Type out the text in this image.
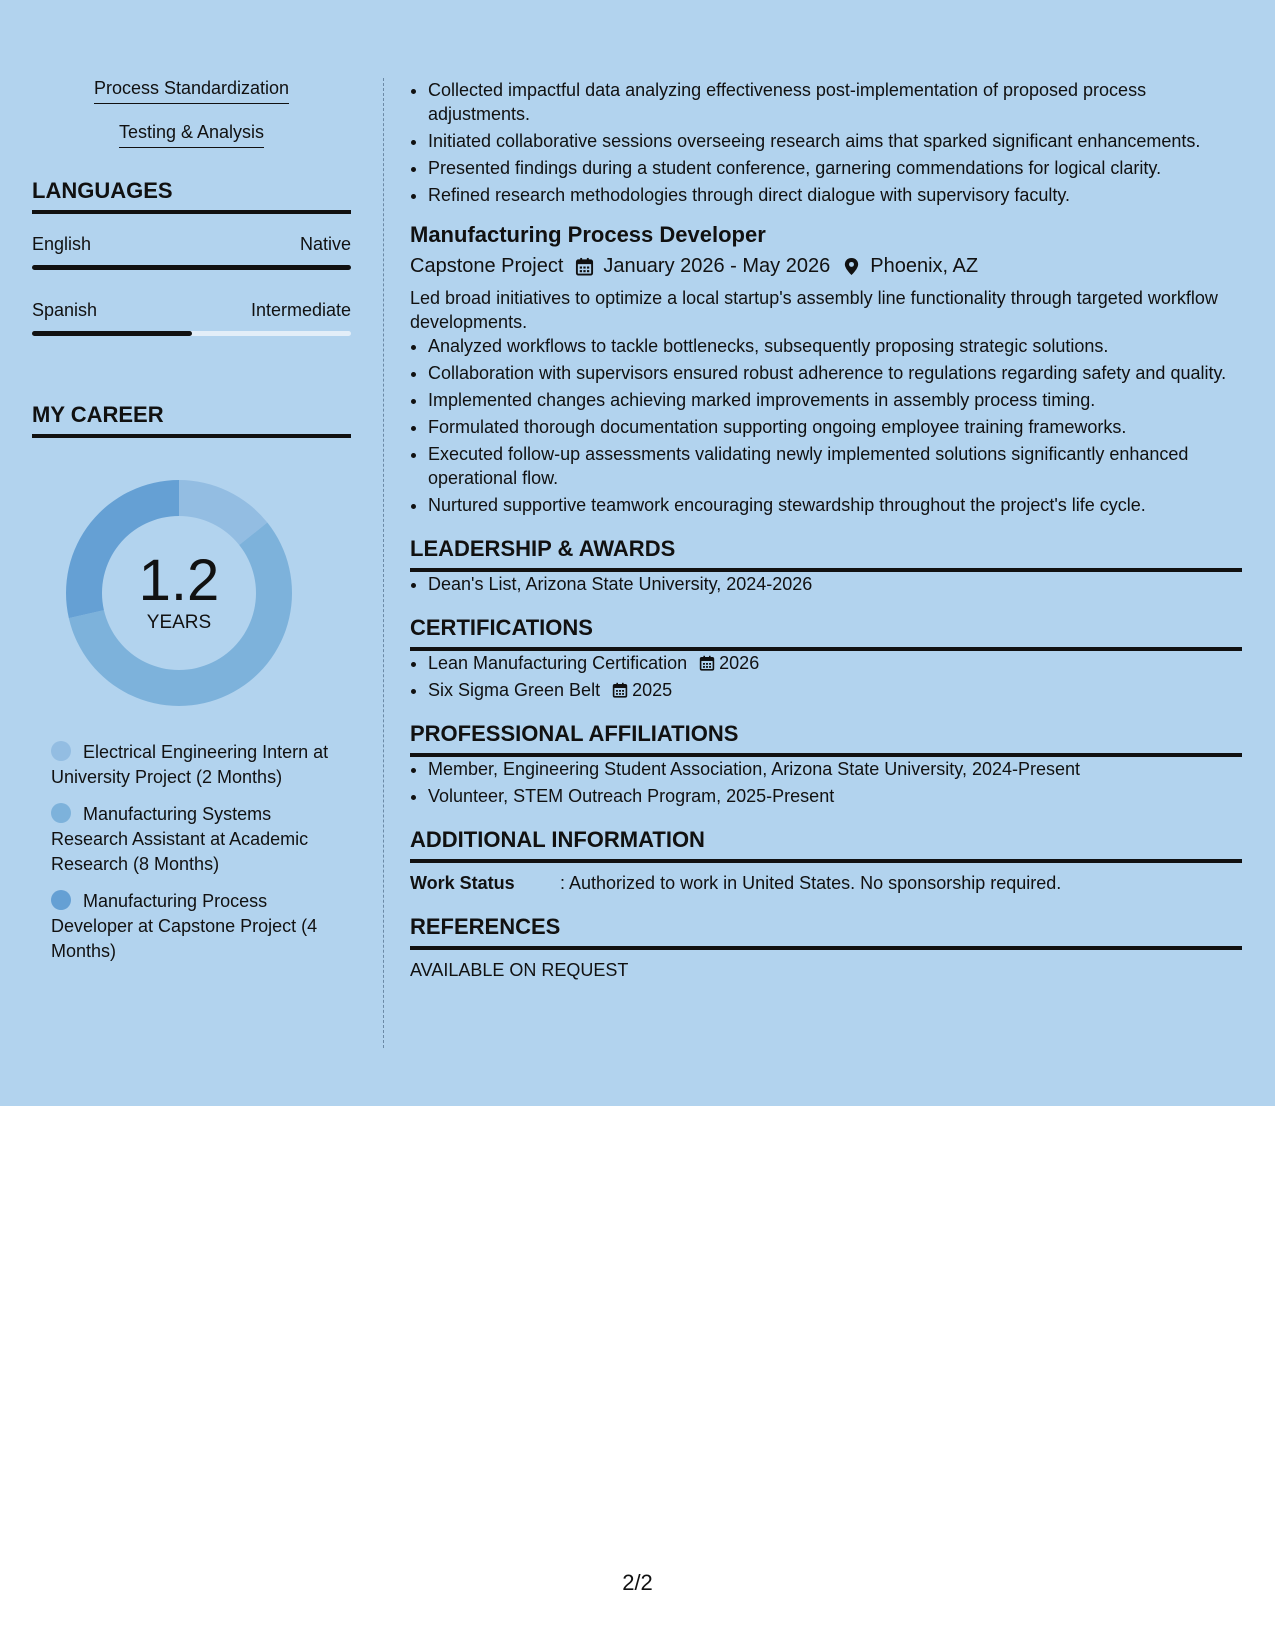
Process Standardization
Testing & Analysis
LANGUAGES
English	Native
Spanish	Intermediate
MY CAREER
1.2
YEARS
Electrical Engineering Intern at University Project (2 Months)
Manufacturing Systems Research Assistant at Academic Research (8 Months)
Manufacturing Process Developer at Capstone Project (4 Months)
• Collected impactful data analyzing effectiveness post-implementation of proposed process adjustments.
• Initiated collaborative sessions overseeing research aims that sparked significant enhancements.
• Presented findings during a student conference, garnering commendations for logical clarity.
• Refined research methodologies through direct dialogue with supervisory faculty.
Manufacturing Process Developer
Capstone Project January 2026 - May 2026 Phoenix, AZ
Led broad initiatives to optimize a local startup's assembly line functionality through targeted workflow developments.
• Analyzed workflows to tackle bottlenecks, subsequently proposing strategic solutions.
• Collaboration with supervisors ensured robust adherence to regulations regarding safety and quality.
• Implemented changes achieving marked improvements in assembly process timing.
• Formulated thorough documentation supporting ongoing employee training frameworks.
• Executed follow-up assessments validating newly implemented solutions significantly enhanced operational flow.
• Nurtured supportive teamwork encouraging stewardship throughout the project's life cycle.
LEADERSHIP & AWARDS
• Dean's List, Arizona State University, 2024-2026
CERTIFICATIONS
• Lean Manufacturing Certification 2026
• Six Sigma Green Belt 2025
PROFESSIONAL AFFILIATIONS
• Member, Engineering Student Association, Arizona State University, 2024-Present
• Volunteer, STEM Outreach Program, 2025-Present
ADDITIONAL INFORMATION
Work Status	: Authorized to work in United States. No sponsorship required.
REFERENCES
AVAILABLE ON REQUEST
2/2
